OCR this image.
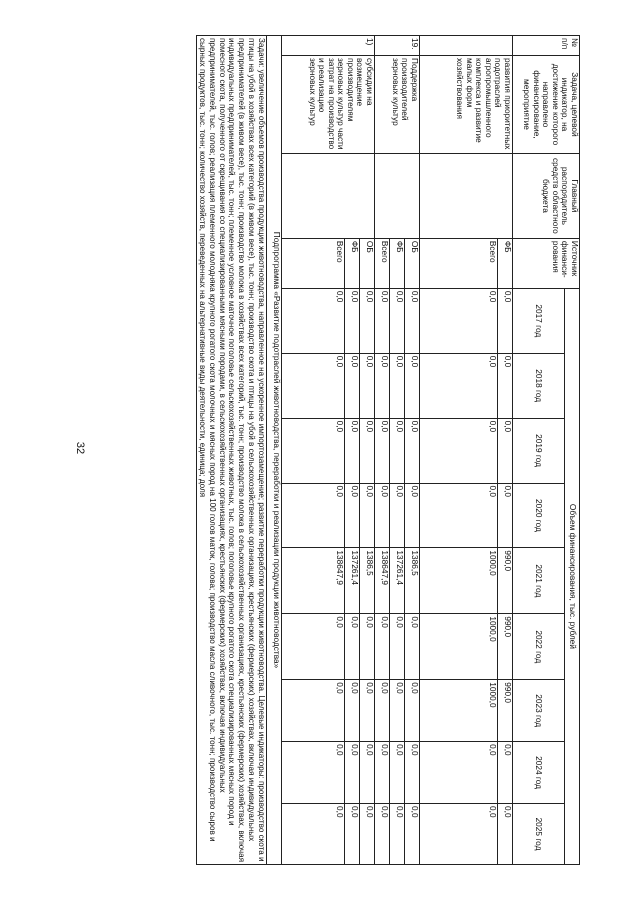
32
№ п/п	Задача, целевой индикатор, на достижение которого направлено финансирование, мероприятие	Главный распорядитель средств областного бюджета	Источник финанси-рования	Объем финансирования, тыс. рублей								
				2017 год	2018 год	2019 год	2020 год	2021 год	2022 год	2023 год	2024 год	2025 год
	развития приоритетных подотраслей агропромышленного комплекса и развитие малых форм хозяйствования		ФБ	0,0	0,0	0,0	0,0	990,0	990,0	990,0	0,0	0,0
			Всего	0,0	0,0	0,0	0,0	1000,0	1000,0	1000,0	0,0	0,0
19.	Поддержка производителей зерновых культур		ОБ	0,0	0,0	0,0	0,0	1386,5	0,0	0,0	0,0	0,0
			ФБ	0,0	0,0	0,0	0,0	137261,4	0,0	0,0	0,0	0,0
			Всего	0,0	0,0	0,0	0,0	138647,9	0,0	0,0	0,0	0,0
1)	субсидии на возмещение производителям зерновых культур части затрат на производство и реализацию зерновых культур		ОБ	0,0	0,0	0,0	0,0	1386,5	0,0	0,0	0,0	0,0
			ФБ	0,0	0,0	0,0	0,0	137261,4	0,0	0,0	0,0	0,0
			Всего	0,0	0,0	0,0	0,0	138647,9	0,0	0,0	0,0	0,0
Подпрограмма «Развитие подотраслей животноводства, переработки и реализации продукции животноводства»												
Задачи: увеличение объемов производства продукции животноводства, направленное на ускоренное импортозамещение; развитие переработки продукции животноводства. Целевые индикаторы: производство скота и птицы на убой в хозяйствах всех категорий (в живом весе), тыс. тонн; производство скота и птицы на убой в сельскохозяйственных организациях, крестьянских (фермерских) хозяйствах, включая индивидуальных предпринимателей (в живом весе), тыс. тонн; производство молока в хозяйствах всех категорий, тыс. тонн; производство молока в сельскохозяйственных организациях, крестьянских (фермерских) хозяйствах, включая индивидуальных предпринимателей, тыс. тонн; племенное условное маточное поголовье сельскохозяйственных животных, тыс. голов; поголовье крупного рогатого скота специализированных мясных пород и помесного скота, полученного от скрещивания со специализированными мясными породами, в сельскохозяйственных организациях, крестьянских (фермерских) хозяйствах, включая индивидуальных предпринимателей, тыс. голов; реализация племенного молодняка крупного рогатого скота молочных и мясных пород на 100 голов маток, голова; производство масла сливочного, тыс. тонн; производство сыров и сырных продуктов, тыс. тонн; количество хозяйств, переведенных на альтернативные виды деятельности, единица; доля												
